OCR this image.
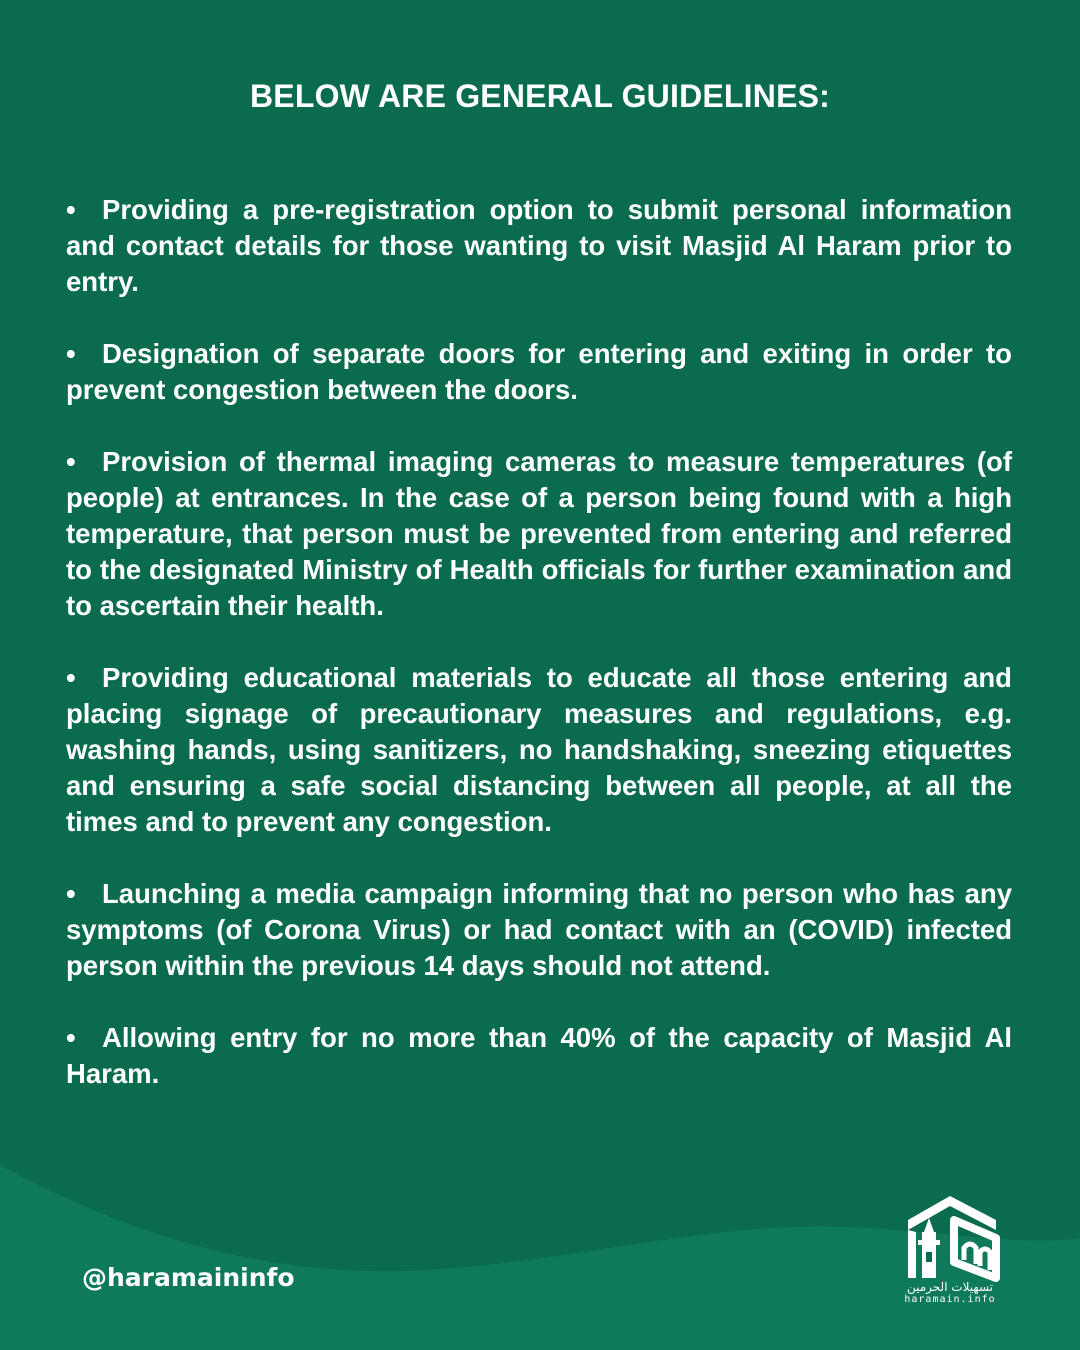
BELOW ARE GENERAL GUIDELINES:
• Providing a pre-registration option to submit personal information and contact details for those wanting to visit Masjid Al Haram prior to entry.
• Designation of separate doors for entering and exiting in order to prevent congestion between the doors.
• Provision of thermal imaging cameras to measure temperatures (of people) at entrances. In the case of a person being found with a high temperature, that person must be prevented from entering and referred to the designated Ministry of Health officials for further examination and to ascertain their health.
• Providing educational materials to educate all those entering and placing signage of precautionary measures and regulations, e.g. washing hands, using sanitizers, no handshaking, sneezing etiquettes and ensuring a safe social distancing between all people, at all the times and to prevent any congestion.
• Launching a media campaign informing that no person who has any symptoms (of Corona Virus) or had contact with an (COVID) infected person within the previous 14 days should not attend.
• Allowing entry for no more than 40% of the capacity of Masjid Al Haram.
@haramaininfo	تسهيلات الحرمين
haramain.info
